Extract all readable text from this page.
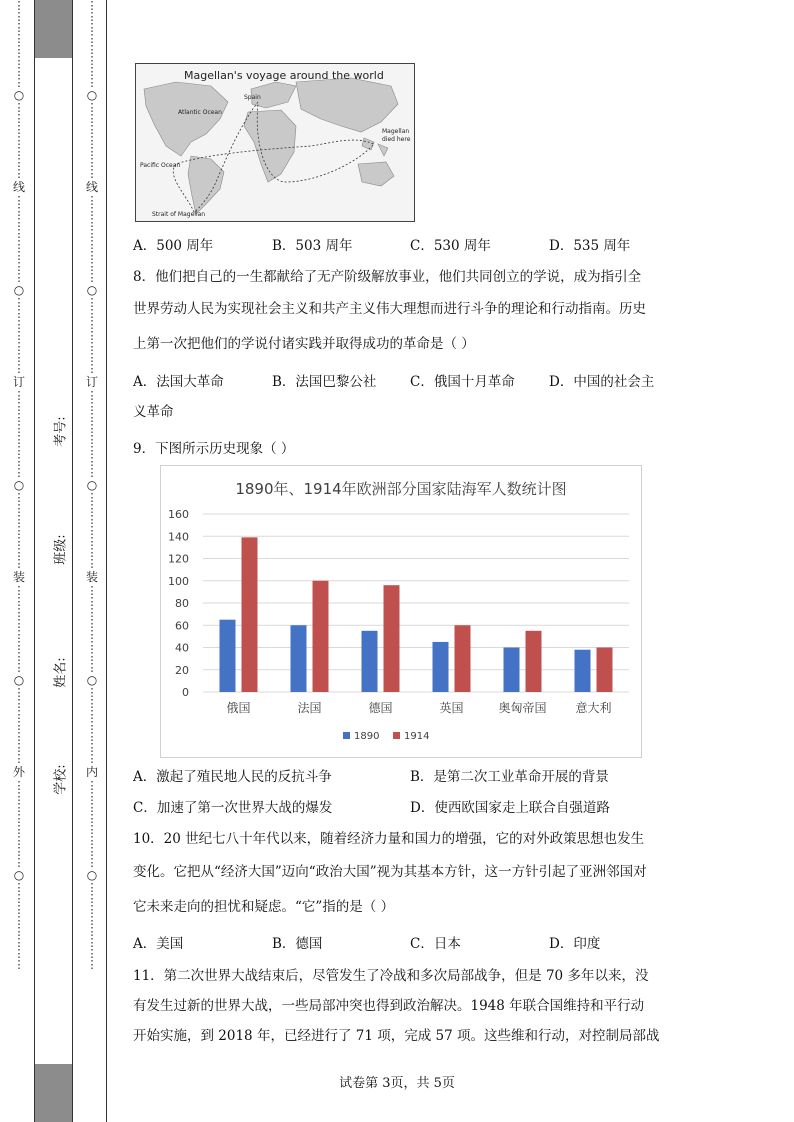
⋮
⋮
⋮
⋮
⋮
⋮
⋮
⋮
○
⋮
⋮
⋮
⋮
⋮
⋮
⋮
线
⋮
⋮
⋮
⋮
⋮
⋮
⋮
⋮
○
⋮
⋮
⋮
⋮
⋮
⋮
⋮
订
⋮
⋮
⋮
⋮
⋮
⋮
⋮
⋮
○
⋮
⋮
⋮
⋮
⋮
⋮
⋮
装
⋮
⋮
⋮
⋮
⋮
⋮
⋮
⋮
○
⋮
⋮
⋮
⋮
⋮
⋮
⋮
外
⋮
⋮
⋮
⋮
⋮
⋮
⋮
⋮
○
⋮
⋮
⋮
⋮
⋮
⋮
⋮
⋮
⋮
⋮
⋮
⋮
⋮
⋮
⋮
⋮
○
⋮
⋮
⋮
⋮
⋮
⋮
⋮
线
⋮
⋮
⋮
⋮
⋮
⋮
⋮
⋮
○
⋮
⋮
⋮
⋮
⋮
⋮
⋮
订
⋮
⋮
⋮
⋮
⋮
⋮
⋮
⋮
○
⋮
⋮
⋮
⋮
⋮
⋮
⋮
装
⋮
⋮
⋮
⋮
⋮
⋮
⋮
⋮
○
⋮
⋮
⋮
⋮
⋮
⋮
⋮
内
⋮
⋮
⋮
⋮
⋮
⋮
⋮
⋮
○
⋮
⋮
⋮
⋮
⋮
⋮
⋮
⋮
学校:
姓名:
班级:
考号:
Magellan's voyage around the world
Spain
Atlantic Ocean
Pacific Ocean
Strait of Magellan
Magellan
died here
A．500 周年	B．503 周年	C．530 周年	D．535 周年
8．他们把自己的一生都献给了无产阶级解放事业，他们共同创立的学说，成为指引全
世界劳动人民为实现社会主义和共产主义伟大理想而进行斗争的理论和行动指南。历史
上第一次把他们的学说付诸实践并取得成功的革命是（ ）
A．法国大革命	B．法国巴黎公社 C．俄国十月革命	D．中国的社会主
义革命
9．下图所示历史现象（ ）
1890年、1914年欧洲部分国家陆海军人数统计图
0
20
40
60
80
100
120
140
160
俄国	法国	德国	英国	奥匈帝国 意大利
1890 1914
A．激起了殖民地人民的反抗斗争	B．是第二次工业革命开展的背景
C．加速了第一次世界大战的爆发	D．使西欧国家走上联合自强道路
10．20 世纪七八十年代以来，随着经济力量和国力的增强，它的对外政策思想也发生
变化。它把从“经济大国”迈向“政治大国”视为其基本方针，这一方针引起了亚洲邻国对
它未来走向的担忧和疑虑。“它”指的是（ ）
A．美国	B．德国	C．日本	D．印度
11．第二次世界大战结束后，尽管发生了冷战和多次局部战争，但是 70 多年以来，没
有发生过新的世界大战，一些局部冲突也得到政治解决。1948 年联合国维持和平行动
开始实施，到 2018 年，已经进行了 71 项，完成 57 项。这些维和行动，对控制局部战
试卷第 3页，共 5页
